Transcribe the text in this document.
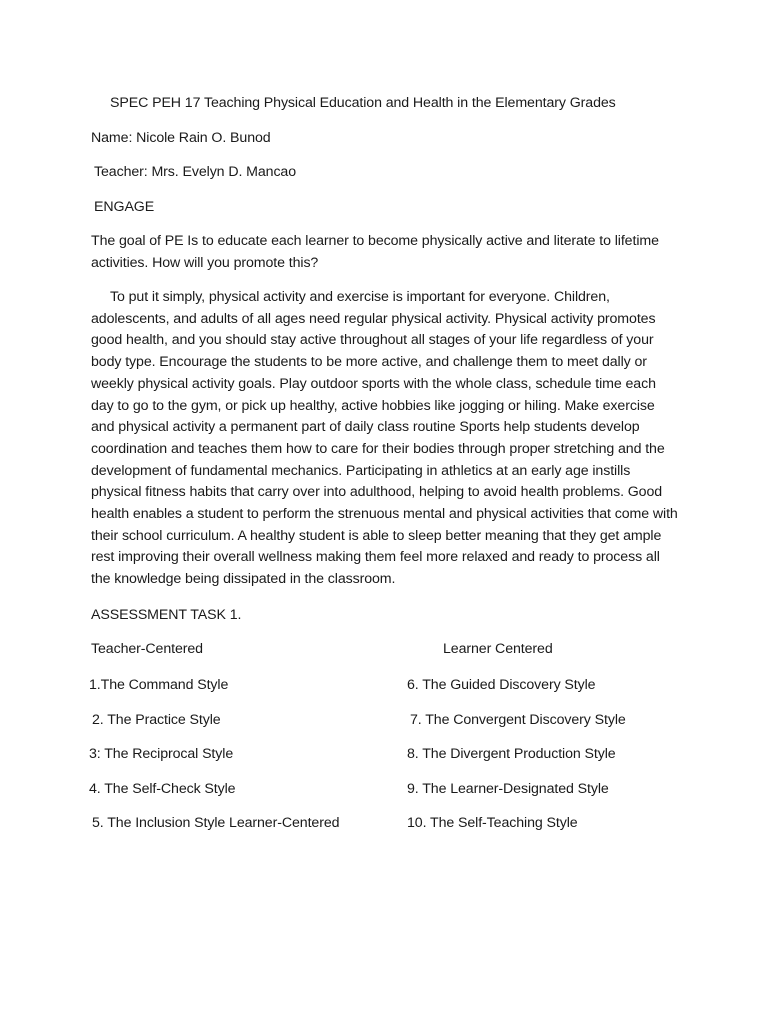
SPEC PEH 17 Teaching Physical Education and Health in the Elementary Grades
Name: Nicole Rain O. Bunod
Teacher: Mrs. Evelyn D. Mancao
ENGAGE

The goal of PE Is to educate each learner to become physically active and literate to lifetime activities. How will you promote this?

To put it simply, physical activity and exercise is important for everyone. Children, adolescents, and adults of all ages need regular physical activity. Physical activity promotes good health, and you should stay active throughout all stages of your life regardless of your body type. Encourage the students to be more active, and challenge them to meet dally or weekly physical activity goals. Play outdoor sports with the whole class, schedule time each day to go to the gym, or pick up healthy, active hobbies like jogging or hiling. Make exercise and physical activity a permanent part of daily class routine Sports help students develop coordination and teaches them how to care for their bodies through proper stretching and the development of fundamental mechanics. Participating in athletics at an early age instills physical fitness habits that carry over into adulthood, helping to avoid health problems. Good health enables a student to perform the strenuous mental and physical activities that come with their school curriculum. A healthy student is able to sleep better meaning that they get ample rest improving their overall wellness making them feel more relaxed and ready to process all the knowledge being dissipated in the classroom.

ASSESSMENT TASK 1.
Teacher-Centered	Learner Centered
1.The Command Style
2. The Practice Style
3: The Reciprocal Style
4. The Self-Check Style
5. The Inclusion Style Learner-Centered
6. The Guided Discovery Style
7. The Convergent Discovery Style
8. The Divergent Production Style
9. The Learner-Designated Style
10. The Self-Teaching Style
